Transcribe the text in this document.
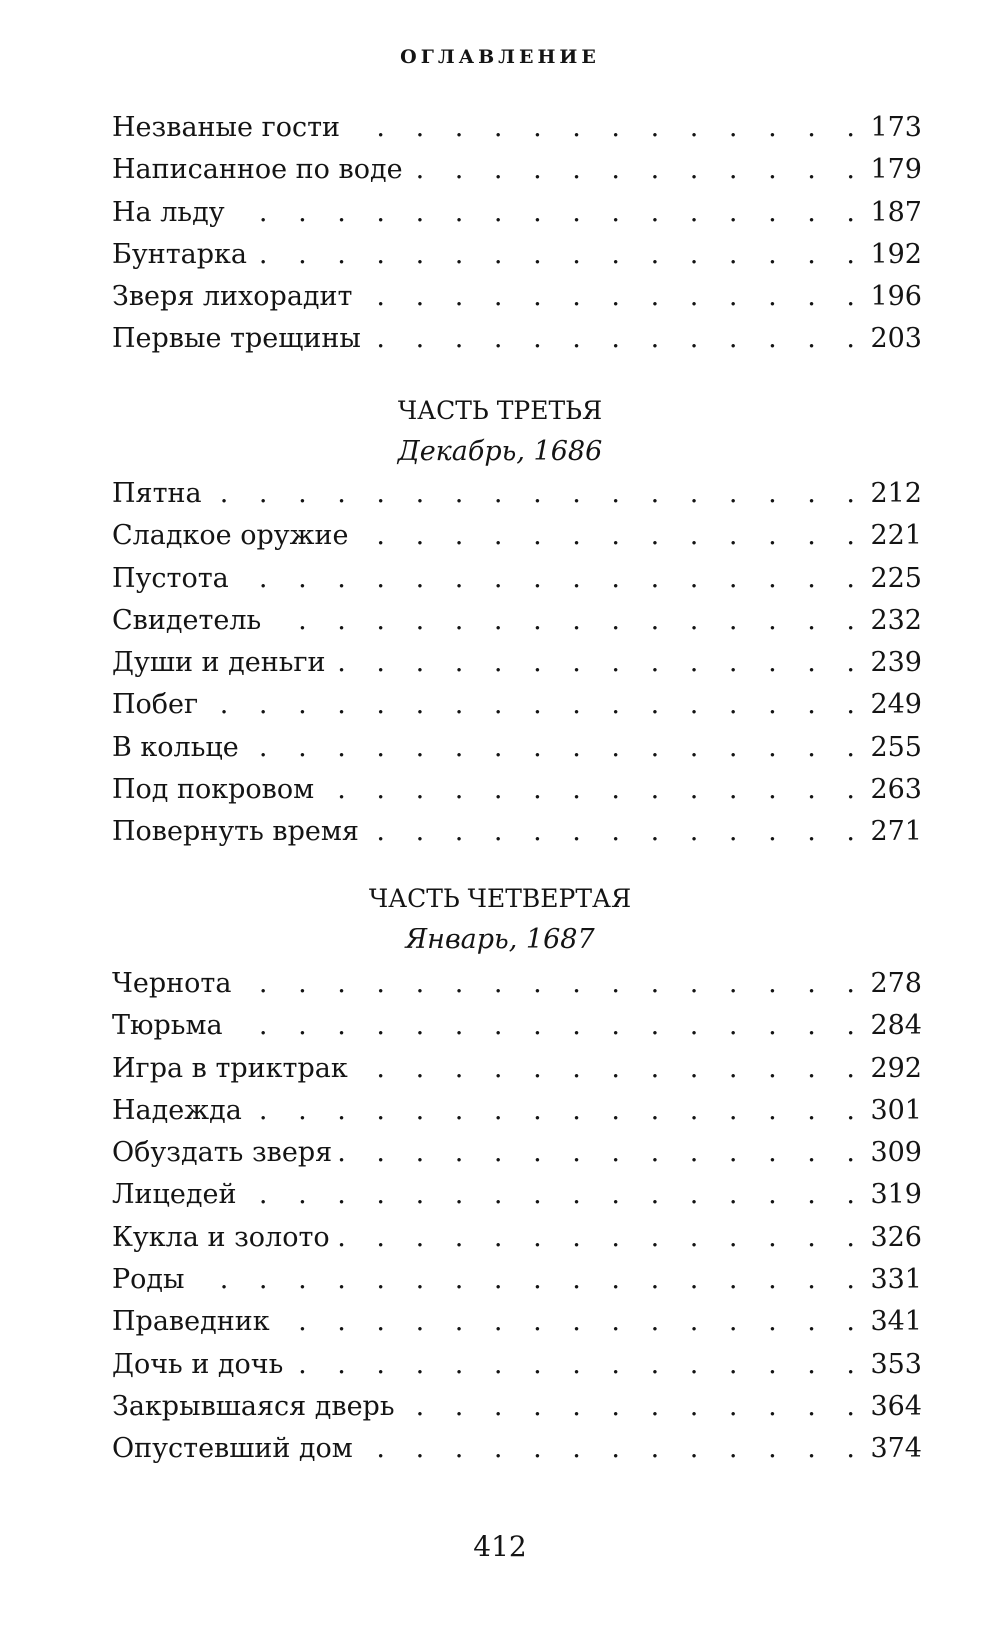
ОГЛАВЛЕНИЕ
Незваные гости . . .	173
Написанное по воде . . .	179
На льду . . .	187
Бунтарка . . .	192
Зверя лихорадит . . .	196
Первые трещины . . .	203
ЧАСТЬ ТРЕТЬЯ
Декабрь, 1686
Пятна . . .	212
Сладкое оружие . . .	221
Пустота . . .	225
Свидетель . . .	232
Души и деньги . . .	239
Побег . . .	249
В кольце . . .	255
Под покровом . . .	263
Повернуть время . . .	271
ЧАСТЬ ЧЕТВЕРТАЯ
Январь, 1687
Чернота . . .	278
Тюрьма . . .	284
Игра в триктрак . . .	292
Надежда . . .	301
Обуздать зверя . . .	309
Лицедей . . .	319
Кукла и золото . . .	326
Роды . . .	331
Праведник . . .	341
Дочь и дочь . . .	353
Закрывшаяся дверь . . .	364
Опустевший дом . . .	374
412
